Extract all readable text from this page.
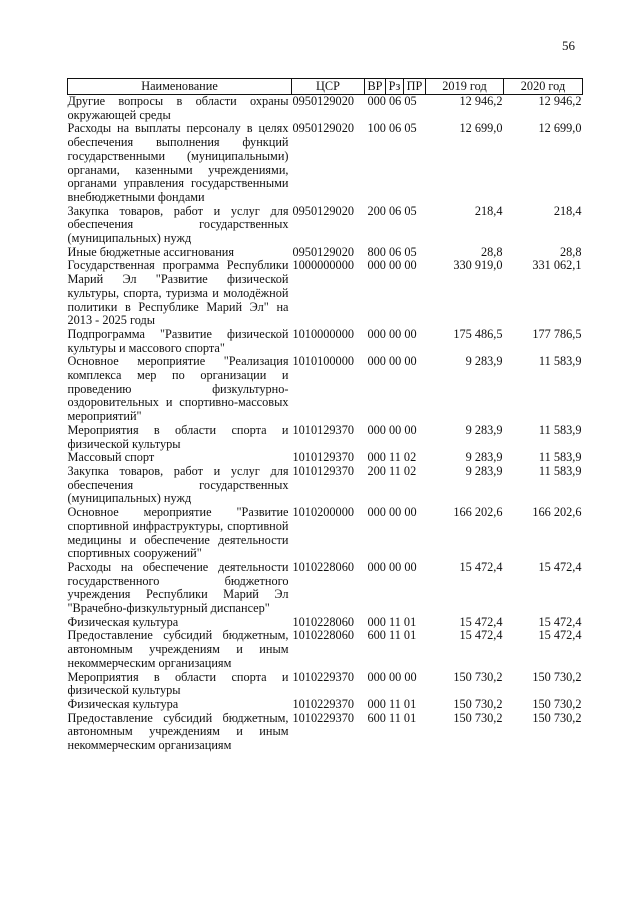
56
Наименование	ЦСР	ВР	Рз	ПР	2019 год	2020 год
Другие вопросы в области охраны окружающей среды	0950129020	000 06 05			12 946,2	12 946,2
Расходы на выплаты персоналу в целях обеспечения выполнения функций государственными (муниципальными) органами, казенными учреждениями, органами управления государственными внебюджетными фондами	0950129020	100 06 05			12 699,0	12 699,0
Закупка товаров, работ и услуг для обеспечения государственных (муниципальных) нужд	0950129020	200 06 05			218,4	218,4
Иные бюджетные ассигнования	0950129020	800 06 05			28,8	28,8
Государственная программа Республики Марий Эл "Развитие физической культуры, спорта, туризма и молодёжной политики в Республике Марий Эл" на 2013 - 2025 годы	1000000000	000 00 00			330 919,0	331 062,1
Подпрограмма "Развитие физической культуры и массового спорта"	1010000000	000 00 00			175 486,5	177 786,5
Основное мероприятие "Реализация комплекса мер по организации и проведению физкультурно-оздоровительных и спортивно-массовых мероприятий"	1010100000	000 00 00			9 283,9	11 583,9
Мероприятия в области спорта и физической культуры	1010129370	000 00 00			9 283,9	11 583,9
Массовый спорт	1010129370	000 11 02			9 283,9	11 583,9
Закупка товаров, работ и услуг для обеспечения государственных (муниципальных) нужд	1010129370	200 11 02			9 283,9	11 583,9
Основное мероприятие "Развитие спортивной инфраструктуры, спортивной медицины и обеспечение деятельности спортивных сооружений"	1010200000	000 00 00			166 202,6	166 202,6
Расходы на обеспечение деятельности государственного бюджетного учреждения Республики Марий Эл "Врачебно-физкультурный диспансер"	1010228060	000 00 00			15 472,4	15 472,4
Физическая культура	1010228060	000 11 01			15 472,4	15 472,4
Предоставление субсидий бюджетным, автономным учреждениям и иным некоммерческим организациям	1010228060	600 11 01			15 472,4	15 472,4
Мероприятия в области спорта и физической культуры	1010229370	000 00 00			150 730,2	150 730,2
Физическая культура	1010229370	000 11 01			150 730,2	150 730,2
Предоставление субсидий бюджетным, автономным учреждениям и иным некоммерческим организациям	1010229370	600 11 01			150 730,2	150 730,2
